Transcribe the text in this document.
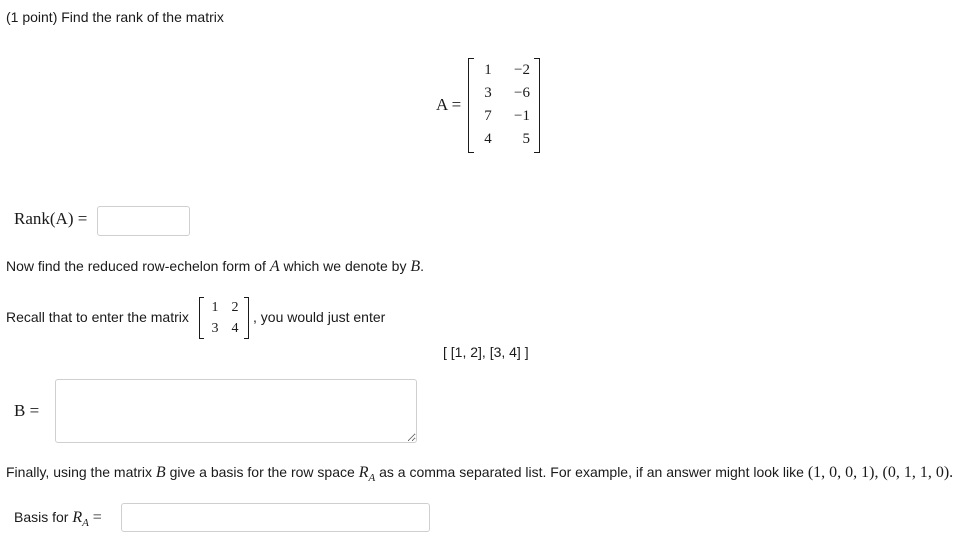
(1 point) Find the rank of the matrix
A =
1	−2
3	−6
7	−1
4	5
Rank(A) =
Now find the reduced row-echelon form of A which we denote by B.
Recall that to enter the matrix
1 2
3 4
, you would just enter
[ [1, 2], [3, 4] ]
B =
Finally, using the matrix B give a basis for the row space $R_A$ as a comma separated list. For example, if an answer might look like (1, 0, 0, 1), (0, 1, 1, 0).
Basis for $R_A$ =
